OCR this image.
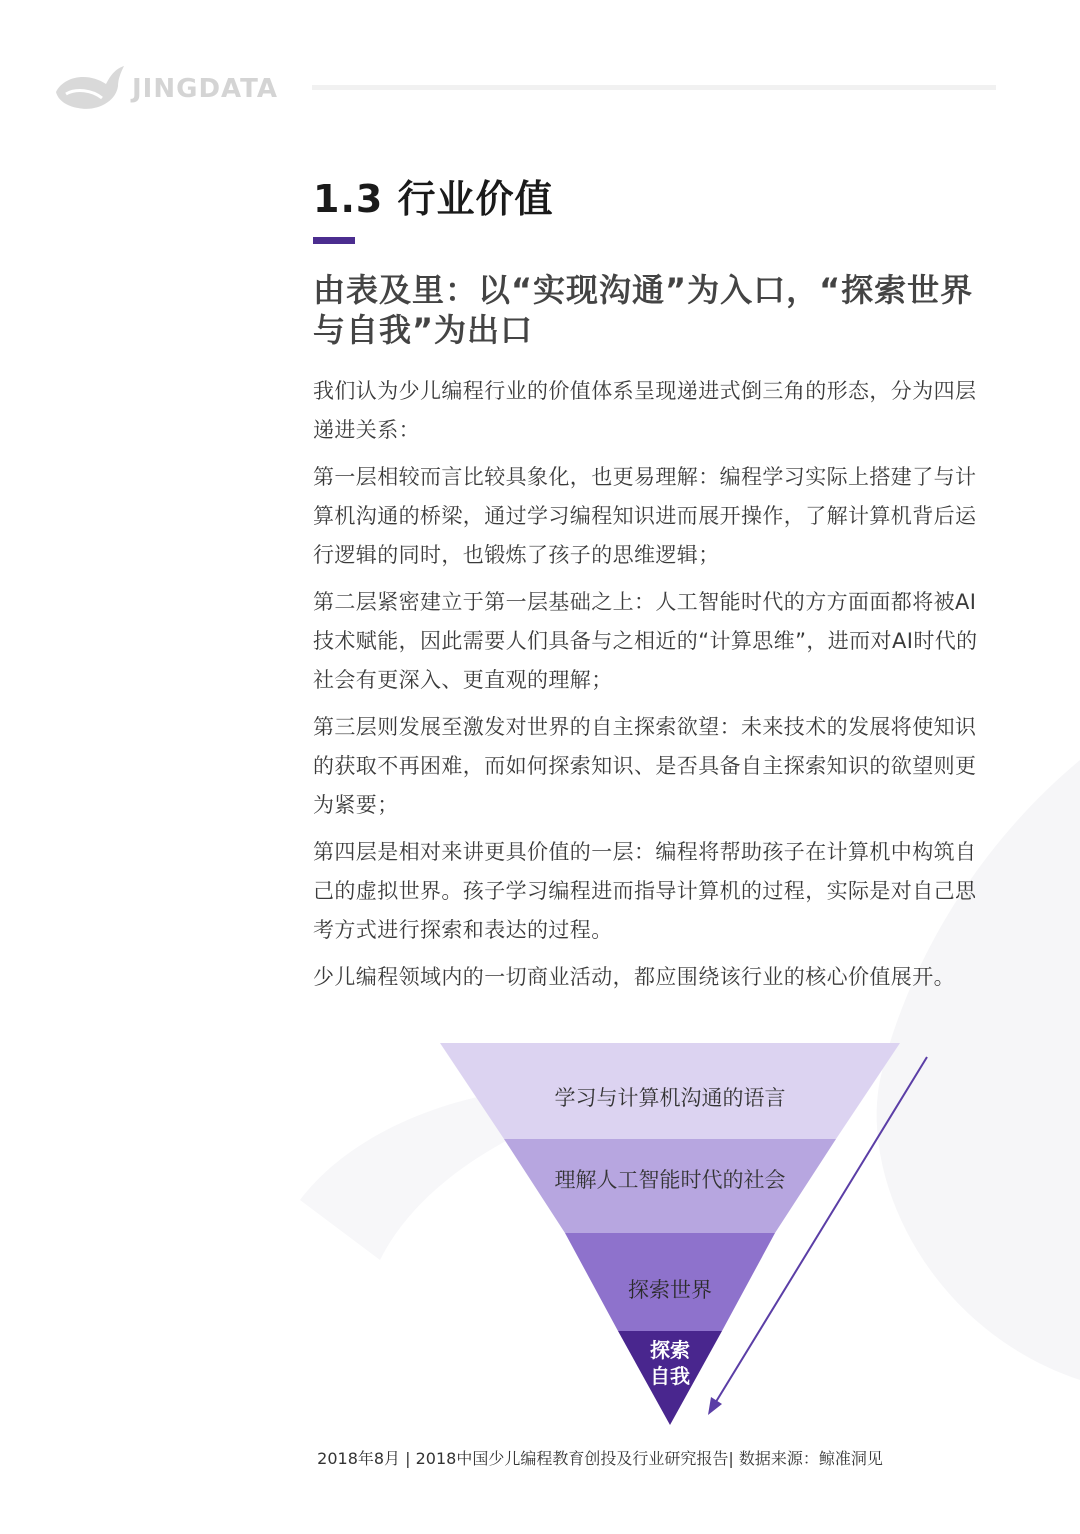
JINGDATA
1.3 行业价值
由表及里：以“实现沟通”为入口，“探索世界与自我”为出口

我们认为少儿编程行业的价值体系呈现递进式倒三角的形态，分为四层递进关系：

第一层相较而言比较具象化，也更易理解：编程学习实际上搭建了与计算机沟通的桥梁，通过学习编程知识进而展开操作，了解计算机背后运行逻辑的同时，也锻炼了孩子的思维逻辑；

第二层紧密建立于第一层基础之上：人工智能时代的方方面面都将被AI技术赋能，因此需要人们具备与之相近的“计算思维”，进而对AI时代的社会有更深入、更直观的理解；

第三层则发展至激发对世界的自主探索欲望：未来技术的发展将使知识的获取不再困难，而如何探索知识、是否具备自主探索知识的欲望则更为紧要；

第四层是相对来讲更具价值的一层：编程将帮助孩子在计算机中构筑自己的虚拟世界。孩子学习编程进而指导计算机的过程，实际是对自己思考方式进行探索和表达的过程。

少儿编程领域内的一切商业活动，都应围绕该行业的核心价值展开。

学习与计算机沟通的语言
理解人工智能时代的社会
探索世界
探索
自我
2018年8月 | 2018中国少儿编程教育创投及行业研究报告| 数据来源：鲸准洞见
